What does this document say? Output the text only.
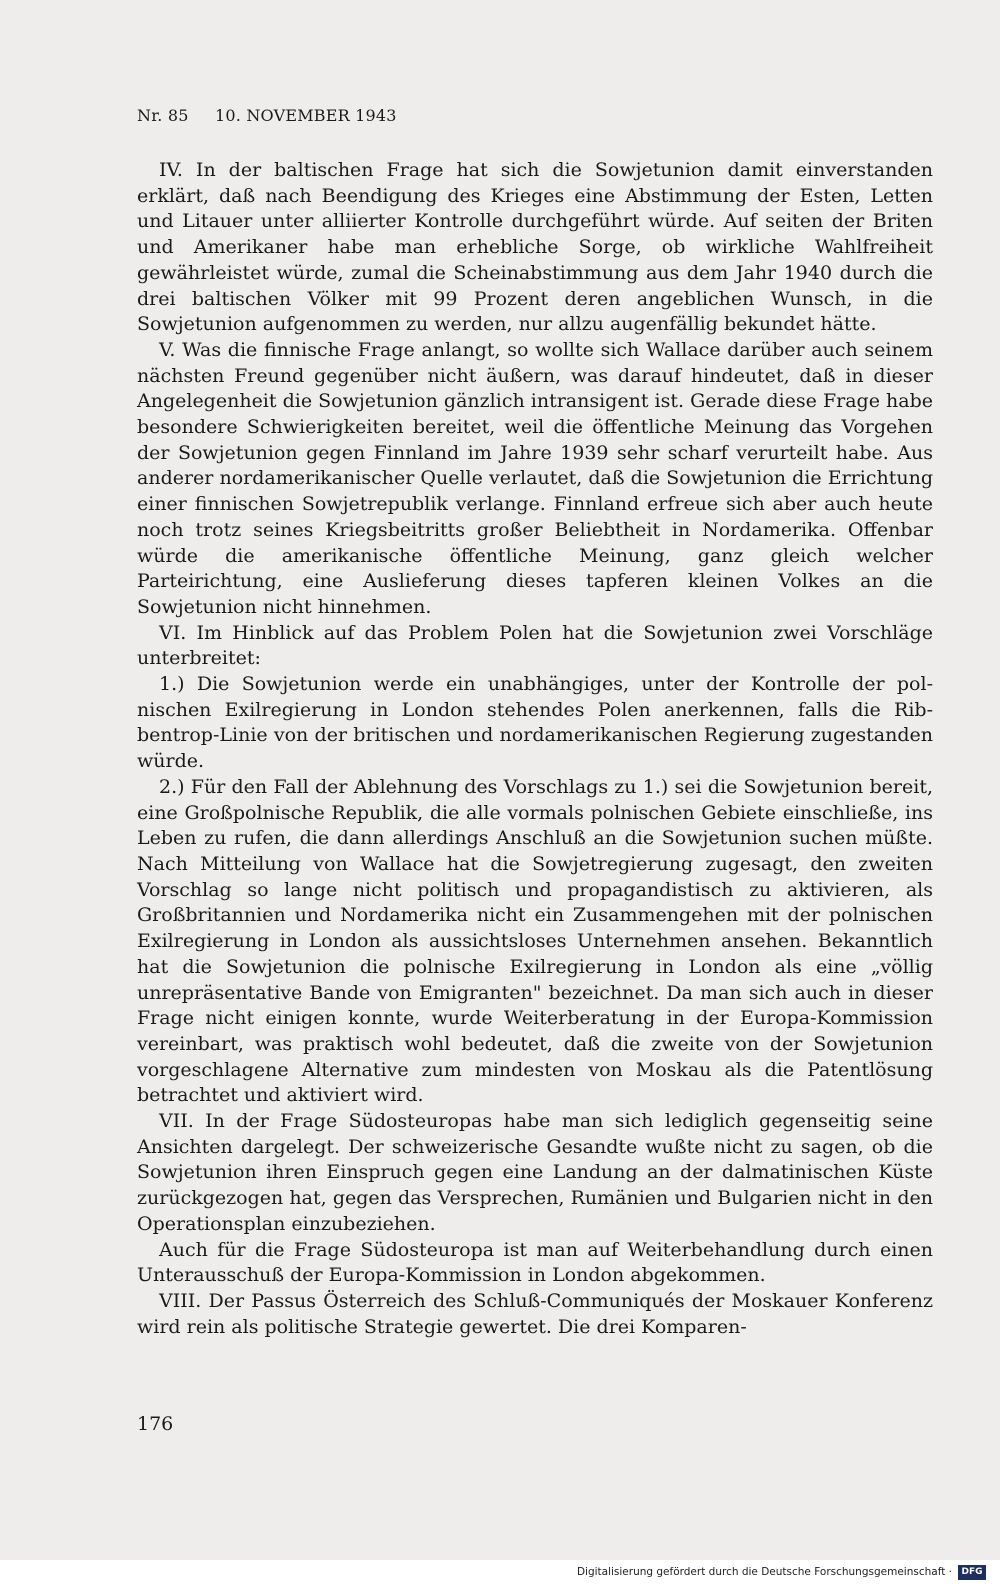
Nr. 85 10. NOVEMBER 1943

IV. In der baltischen Frage hat sich die Sowjetunion damit einverstanden erklärt, daß nach Beendigung des Krieges eine Abstimmung der Esten, Letten und Litauer unter alliierter Kontrolle durchgeführt würde. Auf seiten der Briten und Amerikaner habe man erhebliche Sorge, ob wirkliche Wahlfreiheit gewährleistet würde, zumal die Scheinabstimmung aus dem Jahr 1940 durch die drei baltischen Völker mit 99 Prozent deren angeblichen Wunsch, in die Sowjetunion aufgenommen zu werden, nur allzu augenfällig bekundet hätte.

V. Was die finnische Frage anlangt, so wollte sich Wallace darüber auch seinem nächsten Freund gegenüber nicht äußern, was darauf hindeutet, daß in dieser Angelegenheit die Sowjetunion gänzlich intransigent ist. Gerade diese Frage habe besondere Schwierigkeiten bereitet, weil die öffentliche Meinung das Vorgehen der Sowjetunion gegen Finnland im Jahre 1939 sehr scharf verurteilt habe. Aus anderer nordamerikanischer Quelle verlautet, daß die Sowjetunion die Errichtung einer finnischen Sowjetrepublik verlange. Finnland erfreue sich aber auch heute noch trotz seines Kriegsbeitritts großer Beliebtheit in Nordamerika. Offenbar würde die amerikanische öffentliche Meinung, ganz gleich welcher Parteirichtung, eine Auslieferung dieses tapferen kleinen Volkes an die Sowjetunion nicht hinnehmen.

VI. Im Hinblick auf das Problem Polen hat die Sowjetunion zwei Vorschläge unterbreitet:

1.) Die Sowjetunion werde ein unabhängiges, unter der Kontrolle der polnischen Exilregierung in London stehendes Polen anerkennen, falls die Ribbentrop-Linie von der britischen und nordamerikanischen Regierung zugestanden würde.

2.) Für den Fall der Ablehnung des Vorschlags zu 1.) sei die Sowjetunion bereit, eine Großpolnische Republik, die alle vormals polnischen Gebiete einschließe, ins Leben zu rufen, die dann allerdings Anschluß an die Sowjetunion suchen müßte. Nach Mitteilung von Wallace hat die Sowjetregierung zugesagt, den zweiten Vorschlag so lange nicht politisch und propagandistisch zu aktivieren, als Großbritannien und Nordamerika nicht ein Zusammengehen mit der polnischen Exilregierung in London als aussichtsloses Unternehmen ansehen. Bekanntlich hat die Sowjetunion die polnische Exilregierung in London als eine „völlig unrepräsentative Bande von Emigranten" bezeichnet. Da man sich auch in dieser Frage nicht einigen konnte, wurde Weiterberatung in der Europa-Kommission vereinbart, was praktisch wohl bedeutet, daß die zweite von der Sowjetunion vorgeschlagene Alternative zum mindesten von Moskau als die Patentlösung betrachtet und aktiviert wird.

VII. In der Frage Südosteuropas habe man sich lediglich gegenseitig seine Ansichten dargelegt. Der schweizerische Gesandte wußte nicht zu sagen, ob die Sowjetunion ihren Einspruch gegen eine Landung an der dalmatinischen Küste zurückgezogen hat, gegen das Versprechen, Rumänien und Bulgarien nicht in den Operationsplan einzubeziehen.

Auch für die Frage Südosteuropa ist man auf Weiterbehandlung durch einen Unterausschuß der Europa-Kommission in London abgekommen.

VIII. Der Passus Österreich des Schluß-Communiqués der Moskauer Konferenz wird rein als politische Strategie gewertet. Die drei Komparen-

176
Digitalisierung gefördert durch die Deutsche Forschungsgemeinschaft ·	DFG
